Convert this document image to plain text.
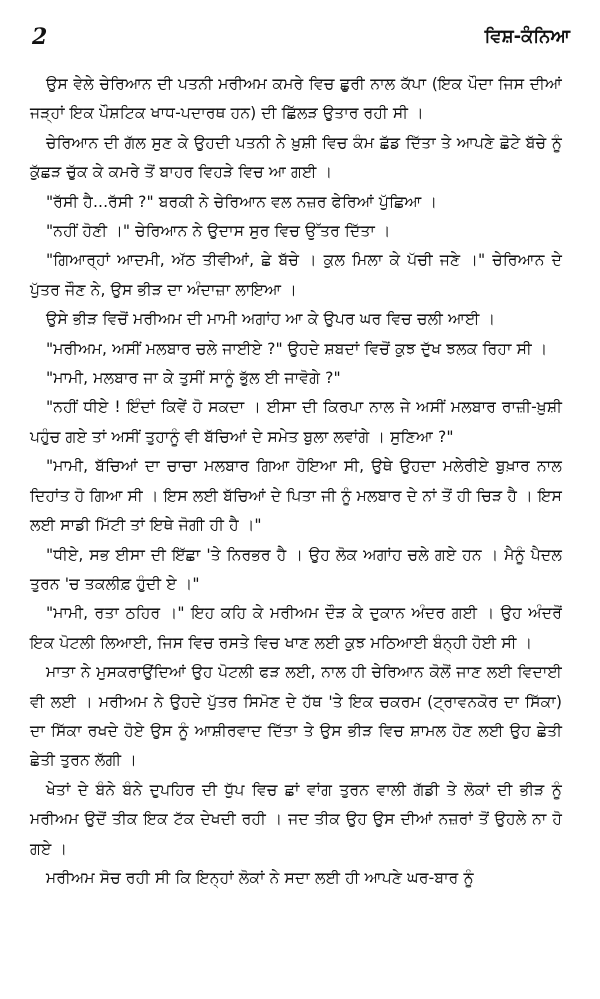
2	ਵਿਸ਼-ਕੰਨਿਆ

ਉਸ ਵੇਲੇ ਚੇਰਿਆਨ ਦੀ ਪਤਨੀ ਮਰੀਅਮ ਕਮਰੇ ਵਿਚ ਛੁਰੀ ਨਾਲ ਕੱਪਾ (ਇਕ ਪੌਦਾ ਜਿਸ ਦੀਆਂ ਜੜ੍ਹਾਂ ਇਕ ਪੌਸ਼ਟਿਕ ਖਾਧ-ਪਦਾਰਥ ਹਨ) ਦੀ ਛਿੱਲੜ ਉਤਾਰ ਰਹੀ ਸੀ ।

ਚੇਰਿਆਨ ਦੀ ਗੱਲ ਸੁਣ ਕੇ ਉਹਦੀ ਪਤਨੀ ਨੇ ਖ਼ੁਸ਼ੀ ਵਿਚ ਕੰਮ ਛੱਡ ਦਿੱਤਾ ਤੇ ਆਪਣੇ ਛੋਟੇ ਬੱਚੇ ਨੂੰ ਕੁੱਛੜ ਚੁੱਕ ਕੇ ਕਮਰੇ ਤੋਂ ਬਾਹਰ ਵਿਹੜੇ ਵਿਚ ਆ ਗਈ ।

"ਰੱਸੀ ਹੈ...ਰੱਸੀ ?" ਬਰਕੀ ਨੇ ਚੇਰਿਆਨ ਵਲ ਨਜ਼ਰ ਫੇਰਿਆਂ ਪੁੱਛਿਆ ।

"ਨਹੀਂ ਹੋਣੀ ।" ਚੇਰਿਆਨ ਨੇ ਉਦਾਸ ਸੁਰ ਵਿਚ ਉੱਤਰ ਦਿੱਤਾ ।

"ਗਿਆਰ੍ਹਾਂ ਆਦਮੀ, ਅੱਠ ਤੀਵੀਆਂ, ਛੇ ਬੱਚੇ । ਕੁਲ ਮਿਲਾ ਕੇ ਪੱਚੀ ਜਣੇ ।" ਚੇਰਿਆਨ ਦੇ ਪੁੱਤਰ ਜੌਣ ਨੇ, ਉਸ ਭੀੜ ਦਾ ਅੰਦਾਜ਼ਾ ਲਾਇਆ ।

ਉਸੇ ਭੀੜ ਵਿਚੋਂ ਮਰੀਅਮ ਦੀ ਮਾਮੀ ਅਗਾਂਹ ਆ ਕੇ ਉਪਰ ਘਰ ਵਿਚ ਚਲੀ ਆਈ ।

"ਮਰੀਅਮ, ਅਸੀਂ ਮਲਬਾਰ ਚਲੇ ਜਾਈਏ ?" ਉਹਦੇ ਸ਼ਬਦਾਂ ਵਿਚੋਂ ਕੁਝ ਦੁੱਖ ਝਲਕ ਰਿਹਾ ਸੀ ।

"ਮਾਮੀ, ਮਲਬਾਰ ਜਾ ਕੇ ਤੁਸੀਂ ਸਾਨੂੰ ਭੁੱਲ ਈ ਜਾਵੋਗੇ ?"

"ਨਹੀਂ ਧੀਏ ! ਇੰਦਾਂ ਕਿਵੇਂ ਹੋ ਸਕਦਾ । ਈਸਾ ਦੀ ਕਿਰਪਾ ਨਾਲ ਜੇ ਅਸੀਂ ਮਲਬਾਰ ਰਾਜ਼ੀ-ਖ਼ੁਸ਼ੀ ਪਹੁੰਚ ਗਏ ਤਾਂ ਅਸੀਂ ਤੁਹਾਨੂੰ ਵੀ ਬੱਚਿਆਂ ਦੇ ਸਮੇਤ ਬੁਲਾ ਲਵਾਂਗੇ । ਸੁਣਿਆ ?"

"ਮਾਮੀ, ਬੱਚਿਆਂ ਦਾ ਚਾਚਾ ਮਲਬਾਰ ਗਿਆ ਹੋਇਆ ਸੀ, ਉਥੇ ਉਹਦਾ ਮਲੇਰੀਏ ਬੁਖ਼ਾਰ ਨਾਲ ਦਿਹਾਂਤ ਹੋ ਗਿਆ ਸੀ । ਇਸ ਲਈ ਬੱਚਿਆਂ ਦੇ ਪਿਤਾ ਜੀ ਨੂੰ ਮਲਬਾਰ ਦੇ ਨਾਂ ਤੋਂ ਹੀ ਚਿੜ ਹੈ । ਇਸ ਲਈ ਸਾਡੀ ਮਿੱਟੀ ਤਾਂ ਇਥੇ ਜੋਗੀ ਹੀ ਹੈ ।"

"ਧੀਏ, ਸਭ ਈਸਾ ਦੀ ਇੱਛਾ 'ਤੇ ਨਿਰਭਰ ਹੈ । ਉਹ ਲੋਕ ਅਗਾਂਹ ਚਲੇ ਗਏ ਹਨ । ਮੈਨੂੰ ਪੈਦਲ ਤੁਰਨ 'ਚ ਤਕਲੀਫ਼ ਹੁੰਦੀ ਏ ।"

"ਮਾਮੀ, ਰਤਾ ਠਹਿਰ ।" ਇਹ ਕਹਿ ਕੇ ਮਰੀਅਮ ਦੌੜ ਕੇ ਦੁਕਾਨ ਅੰਦਰ ਗਈ । ਉਹ ਅੰਦਰੋਂ ਇਕ ਪੋਟਲੀ ਲਿਆਈ, ਜਿਸ ਵਿਚ ਰਸਤੇ ਵਿਚ ਖਾਣ ਲਈ ਕੁਝ ਮਠਿਆਈ ਬੰਨ੍ਹੀ ਹੋਈ ਸੀ ।

ਮਾਤਾ ਨੇ ਮੁਸਕਰਾਉਂਦਿਆਂ ਉਹ ਪੋਟਲੀ ਫੜ ਲਈ, ਨਾਲ ਹੀ ਚੇਰਿਆਨ ਕੋਲੋਂ ਜਾਣ ਲਈ ਵਿਦਾਈ ਵੀ ਲਈ । ਮਰੀਅਮ ਨੇ ਉਹਦੇ ਪੁੱਤਰ ਸਿਮੋਣ ਦੇ ਹੱਥ 'ਤੇ ਇਕ ਚਕਰਮ (ਟ੍ਰਾਵਨਕੋਰ ਦਾ ਸਿੱਕਾ) ਦਾ ਸਿੱਕਾ ਰਖਦੇ ਹੋਏ ਉਸ ਨੂੰ ਆਸ਼ੀਰਵਾਦ ਦਿੱਤਾ ਤੇ ਉਸ ਭੀੜ ਵਿਚ ਸ਼ਾਮਲ ਹੋਣ ਲਈ ਉਹ ਛੇਤੀ ਛੇਤੀ ਤੁਰਨ ਲੱਗੀ ।

ਖੇਤਾਂ ਦੇ ਬੰਨੇ ਬੰਨੇ ਦੁਪਹਿਰ ਦੀ ਧੁੱਪ ਵਿਚ ਛਾਂ ਵਾਂਗ ਤੁਰਨ ਵਾਲੀ ਗੱਡੀ ਤੇ ਲੋਕਾਂ ਦੀ ਭੀੜ ਨੂੰ ਮਰੀਅਮ ਉਦੋਂ ਤੀਕ ਇਕ ਟੱਕ ਦੇਖਦੀ ਰਹੀ । ਜਦ ਤੀਕ ਉਹ ਉਸ ਦੀਆਂ ਨਜ਼ਰਾਂ ਤੋਂ ਉਹਲੇ ਨਾ ਹੋ ਗਏ ।

ਮਰੀਅਮ ਸੋਚ ਰਹੀ ਸੀ ਕਿ ਇਨ੍ਹਾਂ ਲੋਕਾਂ ਨੇ ਸਦਾ ਲਈ ਹੀ ਆਪਣੇ ਘਰ-ਬਾਰ ਨੂੰ
